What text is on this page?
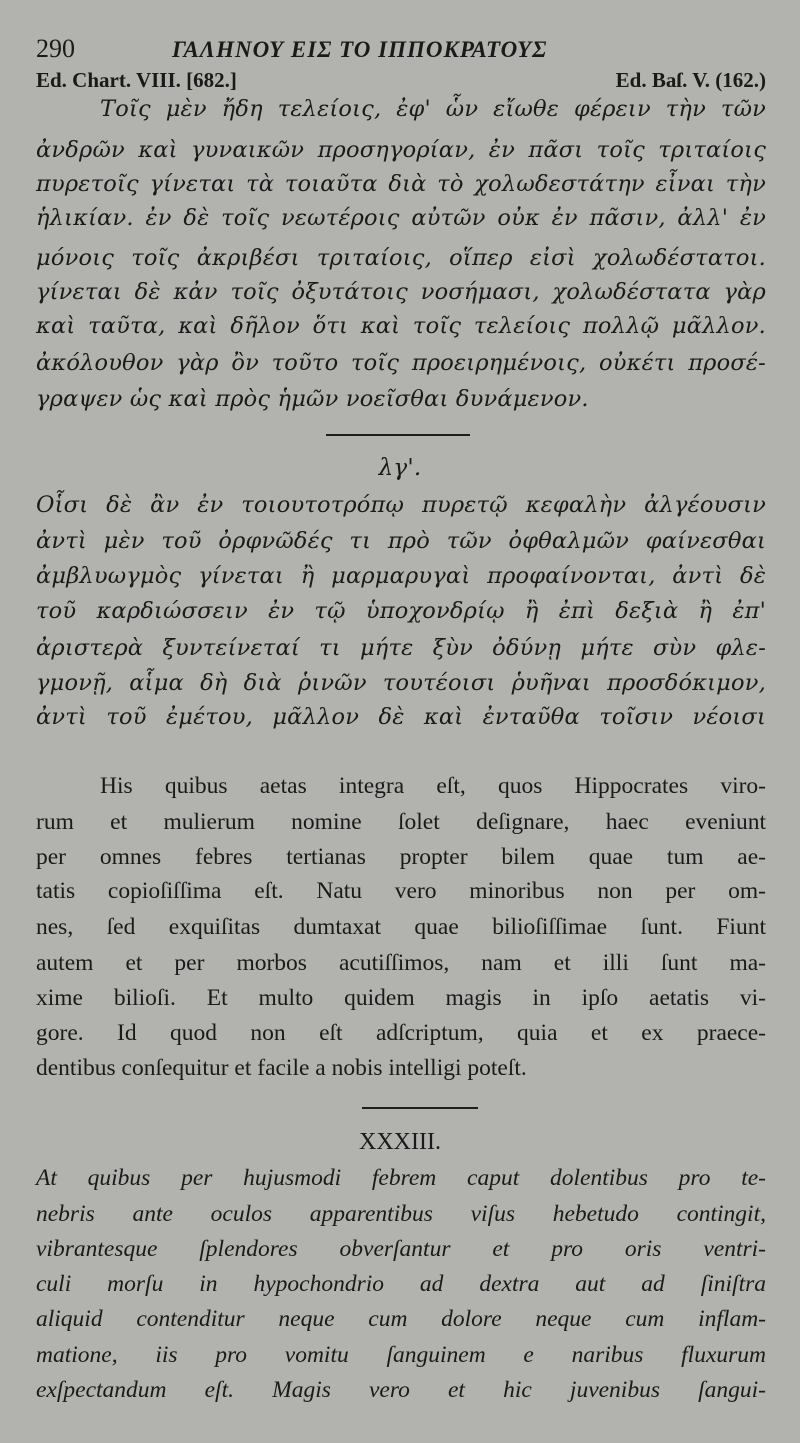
290	ΓΑΛΗΝΟΥ ΕΙΣ ΤΟ ΙΠΠΟΚΡΑΤΟΥΣ
Ed. Chart. VIII. [682.]	Ed. Baſ. V. (162.)
Τοῖς μὲν ἤδη τελείοις, ἐφ' ὧν εἴωθε φέρειν τὴν τῶν
ἀνδρῶν καὶ γυναικῶν προσηγορίαν, ἐν πᾶσι τοῖς τριταίοις
πυρετοῖς γίνεται τὰ τοιαῦτα διὰ τὸ χολωδεστάτην εἶναι τὴν
ἡλικίαν. ἐν δὲ τοῖς νεωτέροις αὐτῶν οὐκ ἐν πᾶσιν, ἀλλ' ἐν
μόνοις τοῖς ἀκριβέσι τριταίοις, οἵπερ εἰσὶ χολωδέστατοι.
γίνεται δὲ κἀν τοῖς ὀξυτάτοις νοσήμασι, χολωδέστατα γὰρ
καὶ ταῦτα, καὶ δῆλον ὅτι καὶ τοῖς τελείοις πολλῷ μᾶλλον.
ἀκόλουθον γὰρ ὂν τοῦτο τοῖς προειρημένοις, οὐκέτι προσέ-
γραψεν ὡς καὶ πρὸς ἡμῶν νοεῖσθαι δυνάμενον.
λγ'.
Οἷσι δὲ ἂν ἐν τοιουτοτρόπῳ πυρετῷ κεφαλὴν ἀλγέουσιν
ἀντὶ μὲν τοῦ ὀρφνῶδές τι πρὸ τῶν ὀφθαλμῶν φαίνεσθαι
ἀμβλυωγμὸς γίνεται ἢ μαρμαρυγαὶ προφαίνονται, ἀντὶ δὲ
τοῦ καρδιώσσειν ἐν τῷ ὑποχονδρίῳ ἢ ἐπὶ δεξιὰ ἢ ἐπ'
ἀριστερὰ ξυντείνεταί τι μήτε ξὺν ὀδύνῃ μήτε σὺν φλε-
γμονῇ, αἷμα δὴ διὰ ῥινῶν τουτέοισι ῥυῆναι προσδόκιμον,
ἀντὶ τοῦ ἐμέτου, μᾶλλον δὲ καὶ ἐνταῦθα τοῖσιν νέοισι
His quibus aetas integra eſt, quos Hippocrates viro-
rum et mulierum nomine ſolet deſignare, haec eveniunt
per omnes febres tertianas propter bilem quae tum ae-
tatis copioſiſſima eſt. Natu vero minoribus non per om-
nes, ſed exquiſitas dumtaxat quae bilioſiſſimae ſunt. Fiunt
autem et per morbos acutiſſimos, nam et illi ſunt ma-
xime bilioſi. Et multo quidem magis in ipſo aetatis vi-
gore. Id quod non eſt adſcriptum, quia et ex praece-
dentibus conſequitur et facile a nobis intelligi poteſt.
XXXIII.
At quibus per hujusmodi febrem caput dolentibus pro te-
nebris ante oculos apparentibus viſus hebetudo contingit,
vibrantesque ſplendores obverſantur et pro oris ventri-
culi morſu in hypochondrio ad dextra aut ad ſiniſtra
aliquid contenditur neque cum dolore neque cum inflam-
matione, iis pro vomitu ſanguinem e naribus fluxurum
exſpectandum eſt. Magis vero et hic juvenibus ſangui-
